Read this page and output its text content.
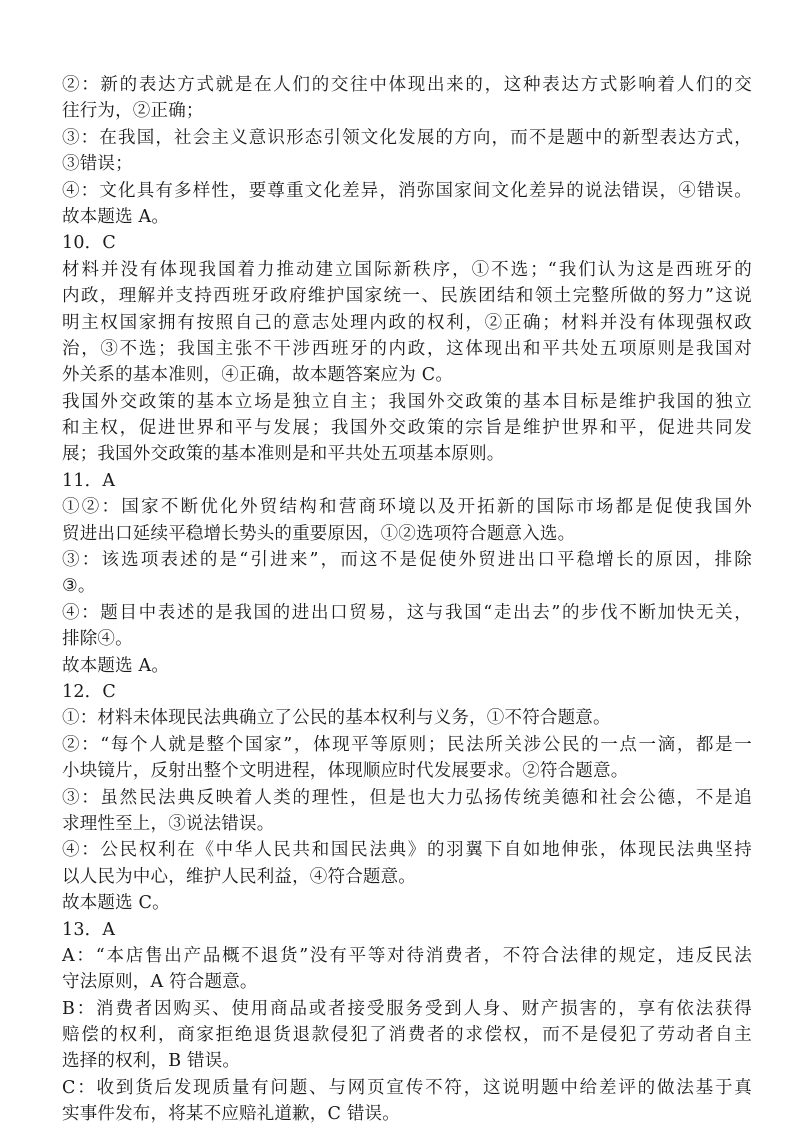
②：新的表达方式就是在人们的交往中体现出来的，这种表达方式影响着人们的交
往行为，②正确；
③：在我国，社会主义意识形态引领文化发展的方向，而不是题中的新型表达方式，
③错误；
④：文化具有多样性，要尊重文化差异，消弥国家间文化差异的说法错误，④错误。
故本题选 A。
10．C
材料并没有体现我国着力推动建立国际新秩序，①不选；“我们认为这是西班牙的
内政，理解并支持西班牙政府维护国家统一、民族团结和领土完整所做的努力”这说
明主权国家拥有按照自己的意志处理内政的权利，②正确；材料并没有体现强权政
治，③不选；我国主张不干涉西班牙的内政，这体现出和平共处五项原则是我国对
外关系的基本准则，④正确，故本题答案应为 C。
我国外交政策的基本立场是独立自主；我国外交政策的基本目标是维护我国的独立
和主权，促进世界和平与发展；我国外交政策的宗旨是维护世界和平，促进共同发
展；我国外交政策的基本准则是和平共处五项基本原则。
11．A
①②：国家不断优化外贸结构和营商环境以及开拓新的国际市场都是促使我国外
贸进出口延续平稳增长势头的重要原因，①②选项符合题意入选。
③：该选项表述的是“引进来”，而这不是促使外贸进出口平稳增长的原因，排除
③。
④：题目中表述的是我国的进出口贸易，这与我国“走出去”的步伐不断加快无关，
排除④。
故本题选 A。
12．C
①：材料未体现民法典确立了公民的基本权利与义务，①不符合题意。
②：“每个人就是整个国家”，体现平等原则；民法所关涉公民的一点一滴，都是一
小块镜片，反射出整个文明进程，体现顺应时代发展要求。②符合题意。
③：虽然民法典反映着人类的理性，但是也大力弘扬传统美德和社会公德，不是追
求理性至上，③说法错误。
④：公民权利在《中华人民共和国民法典》的羽翼下自如地伸张，体现民法典坚持
以人民为中心，维护人民利益，④符合题意。
故本题选 C。
13．A
A：“本店售出产品概不退货”没有平等对待消费者，不符合法律的规定，违反民法
守法原则，A 符合题意。
B：消费者因购买、使用商品或者接受服务受到人身、财产损害的，享有依法获得
赔偿的权利，商家拒绝退货退款侵犯了消费者的求偿权，而不是侵犯了劳动者自主
选择的权利，B 错误。
C：收到货后发现质量有问题、与网页宣传不符，这说明题中给差评的做法基于真
实事件发布，将某不应赔礼道歉，C 错误。
